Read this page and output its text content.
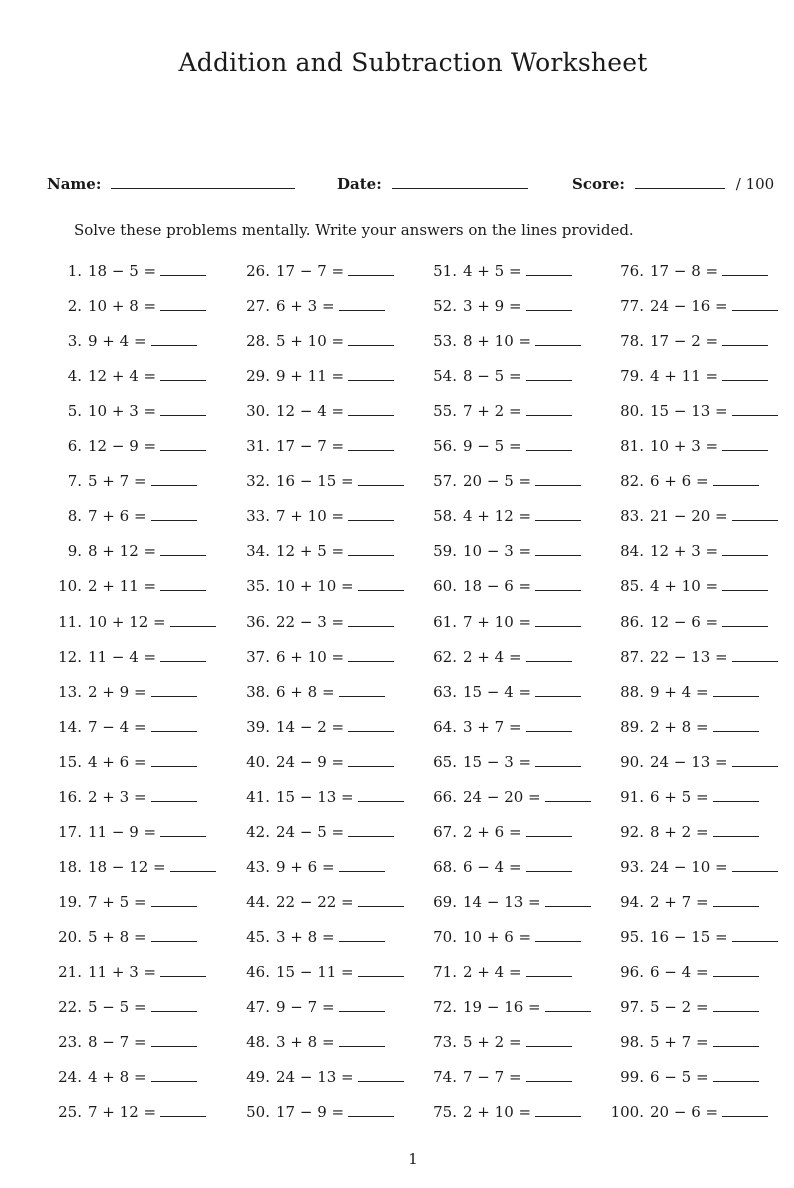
Addition and Subtraction Worksheet
Name:	Date:	Score:	/ 100
Solve these problems mentally. Write your answers on the lines provided.
1. 18 − 5 =
2. 10 + 8 =
3. 9 + 4 =
4. 12 + 4 =
5. 10 + 3 =
6. 12 − 9 =
7. 5 + 7 =
8. 7 + 6 =
9. 8 + 12 =
10. 2 + 11 =
11. 10 + 12 =
12. 11 − 4 =
13. 2 + 9 =
14. 7 − 4 =
15. 4 + 6 =
16. 2 + 3 =
17. 11 − 9 =
18. 18 − 12 =
19. 7 + 5 =
20. 5 + 8 =
21. 11 + 3 =
22. 5 − 5 =
23. 8 − 7 =
24. 4 + 8 =
25. 7 + 12 =
26. 17 − 7 =
27. 6 + 3 =
28. 5 + 10 =
29. 9 + 11 =
30. 12 − 4 =
31. 17 − 7 =
32. 16 − 15 =
33. 7 + 10 =
34. 12 + 5 =
35. 10 + 10 =
36. 22 − 3 =
37. 6 + 10 =
38. 6 + 8 =
39. 14 − 2 =
40. 24 − 9 =
41. 15 − 13 =
42. 24 − 5 =
43. 9 + 6 =
44. 22 − 22 =
45. 3 + 8 =
46. 15 − 11 =
47. 9 − 7 =
48. 3 + 8 =
49. 24 − 13 =
50. 17 − 9 =
51. 4 + 5 =
52. 3 + 9 =
53. 8 + 10 =
54. 8 − 5 =
55. 7 + 2 =
56. 9 − 5 =
57. 20 − 5 =
58. 4 + 12 =
59. 10 − 3 =
60. 18 − 6 =
61. 7 + 10 =
62. 2 + 4 =
63. 15 − 4 =
64. 3 + 7 =
65. 15 − 3 =
66. 24 − 20 =
67. 2 + 6 =
68. 6 − 4 =
69. 14 − 13 =
70. 10 + 6 =
71. 2 + 4 =
72. 19 − 16 =
73. 5 + 2 =
74. 7 − 7 =
75. 2 + 10 =
76. 17 − 8 =
77. 24 − 16 =
78. 17 − 2 =
79. 4 + 11 =
80. 15 − 13 =
81. 10 + 3 =
82. 6 + 6 =
83. 21 − 20 =
84. 12 + 3 =
85. 4 + 10 =
86. 12 − 6 =
87. 22 − 13 =
88. 9 + 4 =
89. 2 + 8 =
90. 24 − 13 =
91. 6 + 5 =
92. 8 + 2 =
93. 24 − 10 =
94. 2 + 7 =
95. 16 − 15 =
96. 6 − 4 =
97. 5 − 2 =
98. 5 + 7 =
99. 6 − 5 =
100. 20 − 6 =
1
